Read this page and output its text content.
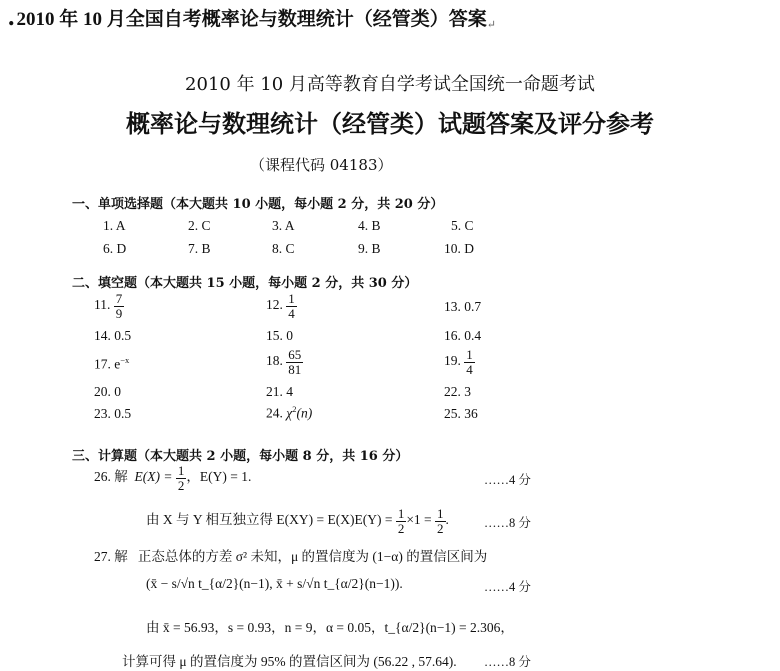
. 2010 年 10 月全国自考概率论与数理统计（经管类）答案↵
2010 年 10 月高等教育自学考试全国统一命题考试
概率论与数理统计（经管类）试题答案及评分参考
（课程代码 04183）
一、单项选择题（本大题共 10 小题，每小题 2 分，共 20 分）
1. A	2. C	3. A	4. B	5. C
6. D	7. B	8. C	9. B	10. D
二、填空题（本大题共 15 小题，每小题 2 分，共 30 分）
11. $\frac{7}{9}$	12. $\frac{1}{4}$	13. 0.7
14. 0.5	15. 0	16. 0.4
17. $e^{-x}$	18. $\frac{65}{81}$	19. $\frac{1}{4}$
20. 0	21. 4	22. 3
23. 0.5	24. $\chi^2(n)$	25. 36
三、计算题（本大题共 2 小题，每小题 8 分，共 16 分）
26. 解 $E(X) = \frac{1}{2}$ ，E(Y) = 1.	……4 分
由 X 与 Y 相互独立得 $E(XY) = E(X)E(Y) = \frac{1}{2} \times 1 = \frac{1}{2}$ .	……8 分
27. 解 正态总体的方差 σ² 未知，μ 的置信度为 (1−α) 的置信区间为
(x̄ − s/√n t_{α/2}(n−1), x̄ + s/√n t_{α/2}(n−1)).	……4 分
由 x̄ = 56.93，s = 0.93，n = 9，α = 0.05，t_{α/2}(n−1) = 2.306，
计算可得 μ 的置信度为 95% 的置信区间为 (56.22 , 57.64). ……8 分
